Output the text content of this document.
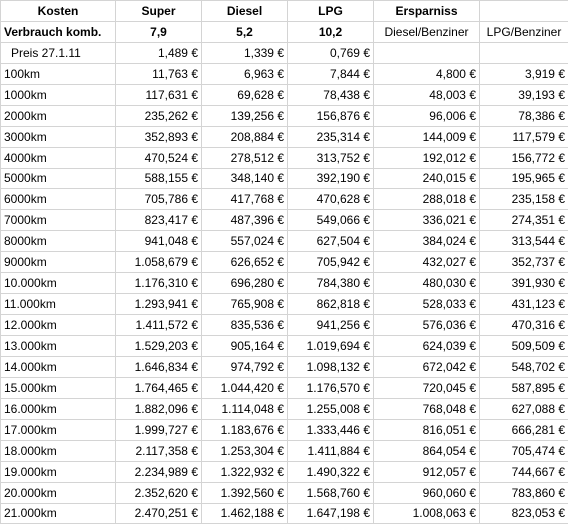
Kosten	Super	Diesel	LPG	Ersparniss	
Verbrauch komb.	7,9	5,2	10,2	Diesel/Benziner	LPG/Benziner
Preis 27.1.11	1,489 €	1,339 €	0,769 €		
100km	11,763 €	6,963 €	7,844 €	4,800 €	3,919 €
1000km	117,631 €	69,628 €	78,438 €	48,003 €	39,193 €
2000km	235,262 €	139,256 €	156,876 €	96,006 €	78,386 €
3000km	352,893 €	208,884 €	235,314 €	144,009 €	117,579 €
4000km	470,524 €	278,512 €	313,752 €	192,012 €	156,772 €
5000km	588,155 €	348,140 €	392,190 €	240,015 €	195,965 €
6000km	705,786 €	417,768 €	470,628 €	288,018 €	235,158 €
7000km	823,417 €	487,396 €	549,066 €	336,021 €	274,351 €
8000km	941,048 €	557,024 €	627,504 €	384,024 €	313,544 €
9000km	1.058,679 €	626,652 €	705,942 €	432,027 €	352,737 €
10.000km	1.176,310 €	696,280 €	784,380 €	480,030 €	391,930 €
11.000km	1.293,941 €	765,908 €	862,818 €	528,033 €	431,123 €
12.000km	1.411,572 €	835,536 €	941,256 €	576,036 €	470,316 €
13.000km	1.529,203 €	905,164 €	1.019,694 €	624,039 €	509,509 €
14.000km	1.646,834 €	974,792 €	1.098,132 €	672,042 €	548,702 €
15.000km	1.764,465 €	1.044,420 €	1.176,570 €	720,045 €	587,895 €
16.000km	1.882,096 €	1.114,048 €	1.255,008 €	768,048 €	627,088 €
17.000km	1.999,727 €	1.183,676 €	1.333,446 €	816,051 €	666,281 €
18.000km	2.117,358 €	1.253,304 €	1.411,884 €	864,054 €	705,474 €
19.000km	2.234,989 €	1.322,932 €	1.490,322 €	912,057 €	744,667 €
20.000km	2.352,620 €	1.392,560 €	1.568,760 €	960,060 €	783,860 €
21.000km	2.470,251 €	1.462,188 €	1.647,198 €	1.008,063 €	823,053 €
